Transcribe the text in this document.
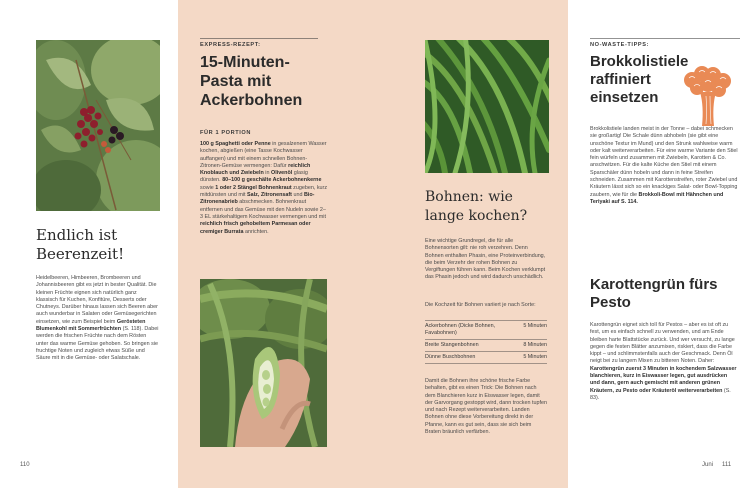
Endlich ist Beerenzeit!

Heidelbeeren, Himbeeren, Brombeeren und Johannisbeeren gibt es jetzt in bester Qualität. Die kleinen Früchte eignen sich natürlich ganz klassisch für Kuchen, Konfitüre, Desserts oder Chutneys. Darüber hinaus lassen sich Beeren aber auch wunderbar in Salaten oder Gemüsegerichten einsetzen, wie zum Beispiel beim Gerösteten Blumenkohl mit Sommerfrüchten (S. 118). Dabei werden die frischen Früchte nach dem Rösten unter das warme Gemüse gehoben. So bringen sie fruchtige Noten und zugleich etwas Süße und Säure mit in die Gemüse- oder Salatschale.

110

EXPRESS-REZEPT:

15-Minuten-Pasta mit Ackerbohnen

FÜR 1 PORTION

100 g Spaghetti oder Penne in gesalzenem Wasser kochen, abgießen (eine Tasse Kochwasser auffangen) und mit einem schnellen Bohnen-Zitronen-Gemüse vermengen: Dafür reichlich Knoblauch und Zwiebeln in Olivenöl glasig dünsten. 80–100 g geschälte Ackerbohnenkerne sowie 1 oder 2 Stängel Bohnenkraut zugeben, kurz mitdünsten und mit Salz, Zitronensaft und Bio-Zitronenabrieb abschmecken. Bohnenkraut entfernen und das Gemüse mit den Nudeln sowie 2–3 EL stärkehaltigem Kochwasser vermengen und mit reichlich frisch gehobeltem Parmesan oder cremiger Burrata anrichten.

Bohnen: wie lange kochen?

Eine wichtige Grundregel, die für alle Bohnensorten gilt: nie roh verzehren. Denn Bohnen enthalten Phasin, eine Proteinverbindung, die beim Verzehr der rohen Bohnen zu Vergiftungen führen kann. Beim Kochen verklumpt das Phasin jedoch und wird dadurch unschädlich.

Die Kochzeit für Bohnen variiert je nach Sorte:

Ackerbohnen (Dicke Bohnen, Favabohnen)
5 Minuten
Breite Stangenbohnen	8 Minuten
Dünne Buschbohnen	5 Minuten

Damit die Bohnen ihre schöne frische Farbe behalten, gibt es einen Trick: Die Bohnen nach dem Blanchieren kurz in Eiswasser legen, damit der Garvorgang gestoppt wird, dann trocken tupfen und nach Rezept weiterverarbeiten. Landen Bohnen ohne diese Vorbereitung direkt in der Pfanne, kann es gut sein, dass sie sich beim Braten bräunlich verfärben.

NO-WASTE-TIPPS:

Brokkolistiele raffiniert einsetzen

Brokkolistiele landen meist in der Tonne – dabei schmecken sie großartig! Die Schale dünn abhobeln (sie gibt eine unschöne Textur im Mund) und den Strunk wahlweise warm oder kalt weiterverarbeiten. Für eine warme Variante den Stiel fein würfeln und zusammen mit Zwiebeln, Karotten & Co. anschwitzen. Für die kalte Küche den Stiel mit einem Sparschäler dünn hobeln und dann in feine Streifen schneiden. Zusammen mit Karottenstreifen, roter Zwiebel und Kräutern lässt sich so ein knackiges Salat- oder Bowl-Topping zaubern, wie für die Brokkoli-Bowl mit Hähnchen und Teriyaki auf S. 114.

Karottengrün fürs Pesto

Karottengrün eignet sich toll für Pestos – aber es ist oft zu fest, um es einfach schnell zu verwenden, und am Ende bleiben harte Blattstücke zurück. Und wer versucht, zu lange gegen die festen Blätter anzumixen, riskiert, dass die Farbe kippt – und schlimmstenfalls auch der Geschmack. Denn Öl neigt bei zu langem Mixen zu bitteren Noten. Daher: Karottengrün zuerst 3 Minuten in kochendem Salzwasser blanchieren, kurz in Eiswasser legen, gut ausdrücken und dann, gern auch gemischt mit anderen grünen Kräutern, zu Pesto oder Kräuteröl weiterverarbeiten (S. 83).

Juni 111
